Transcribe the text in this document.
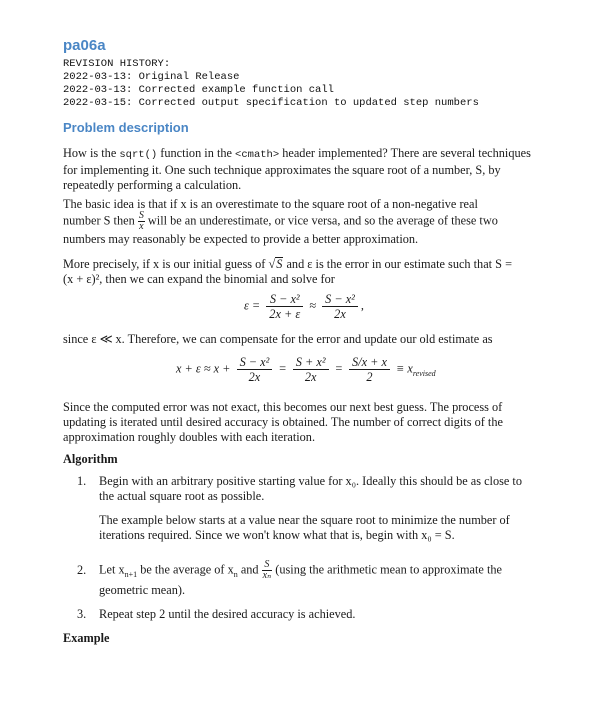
pa06a
REVISION HISTORY:
2022-03-13: Original Release
2022-03-13: Corrected example function call
2022-03-15: Corrected output specification to updated step numbers
Problem description
How is the sqrt() function in the <cmath> header implemented? There are several techniques for implementing it. One such technique approximates the square root of a number, S, by repeatedly performing a calculation.
The basic idea is that if x is an overestimate to the square root of a non-negative real
number S then $\frac{S}{x}$ will be an underestimate, or vice versa, and so the average of these two
numbers may reasonably be expected to provide a better approximation.
More precisely, if x is our initial guess of √S and ε is the error in our estimate such that S =
(x + ε)², then we can expand the binomial and solve for
$\varepsilon = \frac{\text{S − x²}}{2x + \varepsilon} \approx \frac{\text{S − x²}}{2x}$ ,
since ε ≪ x. Therefore, we can compensate for the error and update our old estimate as
$x + \varepsilon \approx x + \frac{\text{S − x²}}{2x} = \frac{\text{S + x²}}{2x} = \frac{S/x + x}{2} \equiv x_{revised}$
Since the computed error was not exact, this becomes our next best guess. The process of updating is iterated until desired accuracy is obtained. The number of correct digits of the approximation roughly doubles with each iteration.
Algorithm
1. Begin with an arbitrary positive starting value for x₀. Ideally this should be as close to the actual square root as possible.
The example below starts at a value near the square root to minimize the number of iterations required. Since we won't know what that is, begin with x₀ = S.
2. Let $x_{n+1}$ be the average of $x_n$ and $\frac{S}{\text{xₙ}} (using$ the arithmetic mean to approximate the
geometric mean).
3. Repeat step 2 until the desired accuracy is achieved.
Example
